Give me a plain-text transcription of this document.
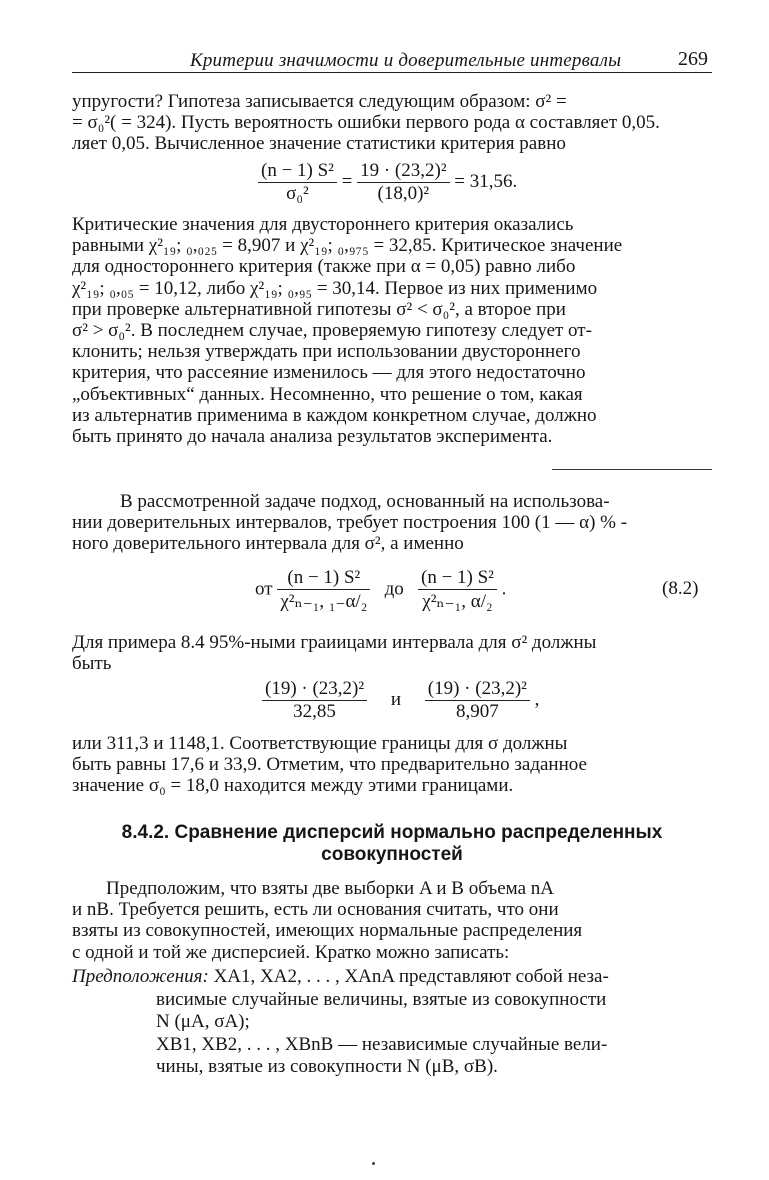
Критерии значимости и доверительные интервалы	269
упругости? Гипотеза записывается следующим образом: σ² =
= σ₀²( = 324). Пусть вероятность ошибки первого рода α составляет 0,05.
ляет 0,05. Вычисленное значение статистики критерия равно
$\frac{\text{(n − 1) S²}}{\text{σ₀²}} = \frac{\text{19 · (23,2)²}}{\text{(18,0)²}} = 31,56$.
Критические значения для двустороннего критерия оказались
равными χ²₁₉; ₀,₀₂₅ = 8,907 и χ²₁₉; ₀,₉₇₅ = 32,85. Критическое значение
для одностороннего критерия (также при α = 0,05) равно либо
χ²₁₉; ₀,₀₅ = 10,12, либо χ²₁₉; ₀,₉₅ = 30,14. Первое из них применимо
при проверке альтернативной гипотезы σ² < σ₀², а второе при
σ² > σ₀². В последнем случае, проверяемую гипотезу следует от-
клонить; нельзя утверждать при использовании двустороннего
критерия, что рассеяние изменилось — для этого недостаточно
„объективных“ данных. Несомненно, что решение о том, какая
из альтернатив применима в каждом конкретном случае, должно
быть принято до начала анализа результатов эксперимента.
В рассмотренной задаче подход, основанный на использова-
нии доверительных интервалов, требует построения 100 (1 — α) % -
ного доверительного интервала для σ², а именно
от $\frac{\text{(n − 1) S²}}{\text{χ²ₙ₋₁, ₁₋α/₂}}$ до $\frac{\text{(n − 1) S²}}{\text{χ²ₙ₋₁, α/₂}}$ .	(8.2)
Для примера 8.4 95%-ными граиицами интервала для σ² должны
быть
$\frac{\text{(19) · (23,2)²}}{32,85}$ и $\frac{\text{(19) · (23,2)²}}{8,907}$ ,
или 311,3 и 1148,1. Соответствующие границы для σ должны
быть равны 17,6 и 33,9. Отметим, что предварительно заданное
значение σ₀ = 18,0 находится между этими границами.
8.4.2. Сравнение дисперсий нормально распределенных
совокупностей
Предположим, что взяты две выборки A и B объема nA
и nB. Требуется решить, есть ли основания считать, что они
взяты из совокупностей, имеющих нормальные распределения
с одной и той же дисперсией. Кратко можно записать:
Предположения: XA1, XA2, . . . , XAnA представляют собой неза-
висимые случайные величины, взятые из совокупности
N (μA, σA);
XB1, XB2, . . . , XBnB — независимые случайные вели-
чины, взятые из совокупности N (μB, σB).
